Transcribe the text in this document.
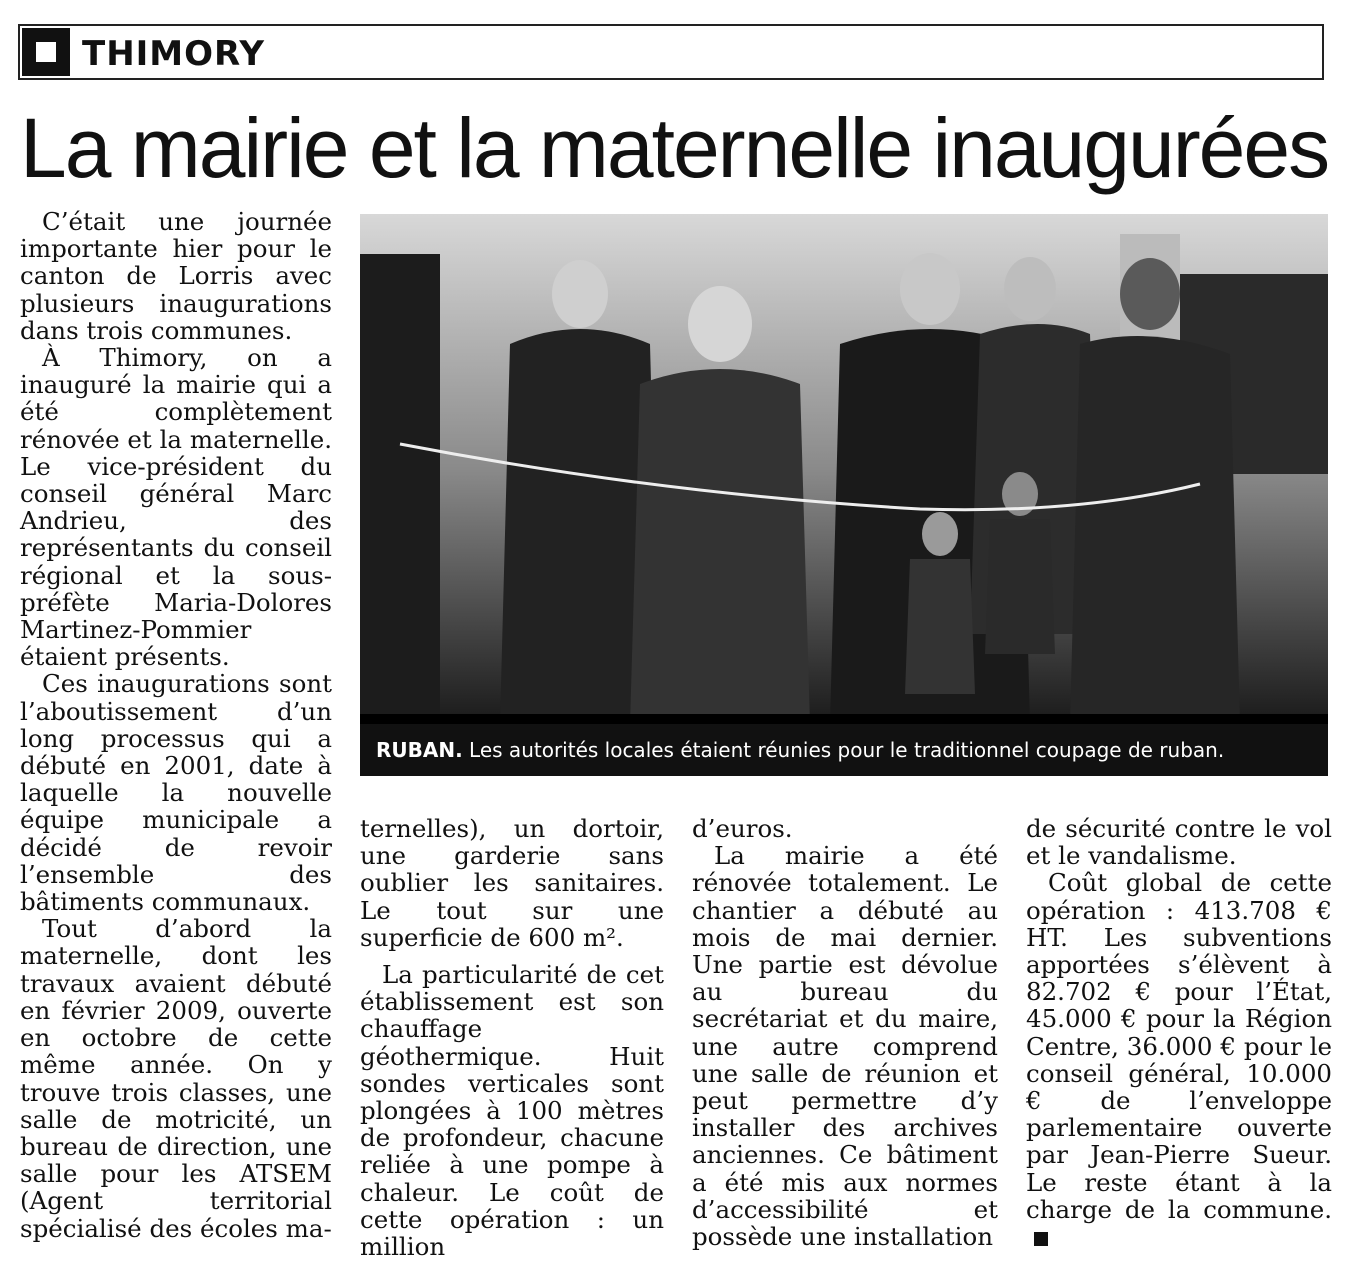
THIMORY
La mairie et la maternelle inaugurées

C’était une journée importante hier pour le canton de Lorris avec plusieurs inaugurations dans trois communes.

À Thimory, on a inauguré la mairie qui a été complètement rénovée et la maternelle. Le vice-président du conseil général Marc Andrieu, des représentants du conseil régional et la sous-préfète Maria-Dolores Martinez-Pommier étaient présents.

Ces inaugurations sont l’aboutissement d’un long processus qui a débuté en 2001, date à laquelle la nouvelle équipe municipale a décidé de revoir l’ensemble des bâtiments communaux.

Tout d’abord la maternelle, dont les travaux avaient débuté en février 2009, ouverte en octobre de cette même année. On y trouve trois classes, une salle de motricité, un bureau de direction, une salle pour les ATSEM (Agent territorial spécialisé des écoles ma-

RUBAN. Les autorités locales étaient réunies pour le traditionnel coupage de ruban.

ternelles), un dortoir, une garderie sans oublier les sanitaires. Le tout sur une superficie de 600 m².

La particularité de cet établissement est son chauffage géothermique. Huit sondes verticales sont plongées à 100 mètres de profondeur, chacune reliée à une pompe à chaleur. Le coût de cette opération : un million

d’euros.

La mairie a été rénovée totalement. Le chantier a débuté au mois de mai dernier. Une partie est dévolue au bureau du secrétariat et du maire, une autre comprend une salle de réunion et peut permettre d’y installer des archives anciennes. Ce bâtiment a été mis aux normes d’accessibilité et possède une installation

de sécurité contre le vol et le vandalisme.

Coût global de cette opération : 413.708 € HT. Les subventions apportées s’élèvent à 82.702 € pour l’État, 45.000 € pour la Région Centre, 36.000 € pour le conseil général, 10.000 € de l’enveloppe parlementaire ouverte par Jean-Pierre Sueur. Le reste étant à la charge de la commune.
